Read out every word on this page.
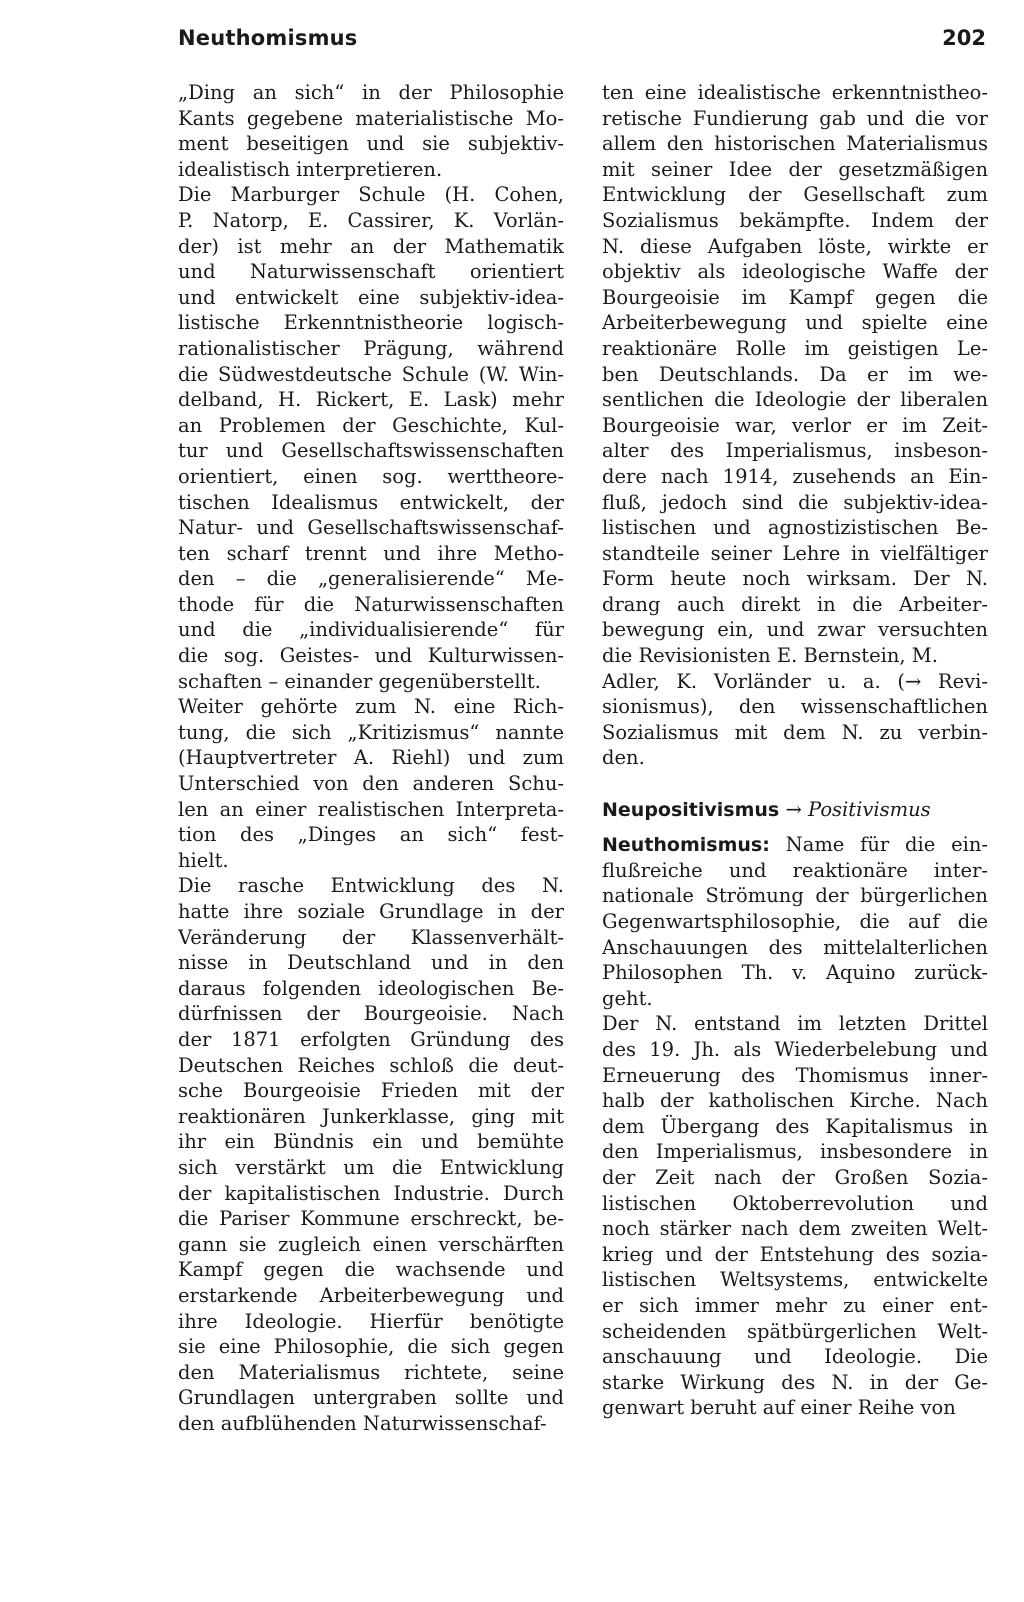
Neuthomismus	202
„Ding an sich“ in der Philosophie
Kants gegebene materialistische Mo-
ment beseitigen und sie subjektiv-
idealistisch interpretieren.
Die Marburger Schule (H. Cohen,
P. Natorp, E. Cassirer, K. Vorlän-
der) ist mehr an der Mathematik
und Naturwissenschaft orientiert
und entwickelt eine subjektiv-idea-
listische Erkenntnistheorie logisch-
rationalistischer Prägung, während
die Südwestdeutsche Schule (W. Win-
delband, H. Rickert, E. Lask) mehr
an Problemen der Geschichte, Kul-
tur und Gesellschaftswissenschaften
orientiert, einen sog. werttheore-
tischen Idealismus entwickelt, der
Natur- und Gesellschaftswissenschaf-
ten scharf trennt und ihre Metho-
den – die „generalisierende“ Me-
thode für die Naturwissenschaften
und die „individualisierende“ für
die sog. Geistes- und Kulturwissen-
schaften – einander gegenüberstellt.
Weiter gehörte zum N. eine Rich-
tung, die sich „Kritizismus“ nannte
(Hauptvertreter A. Riehl) und zum
Unterschied von den anderen Schu-
len an einer realistischen Interpreta-
tion des „Dinges an sich“ fest-
hielt.
Die rasche Entwicklung des N.
hatte ihre soziale Grundlage in der
Veränderung der Klassenverhält-
nisse in Deutschland und in den
daraus folgenden ideologischen Be-
dürfnissen der Bourgeoisie. Nach
der 1871 erfolgten Gründung des
Deutschen Reiches schloß die deut-
sche Bourgeoisie Frieden mit der
reaktionären Junkerklasse, ging mit
ihr ein Bündnis ein und bemühte
sich verstärkt um die Entwicklung
der kapitalistischen Industrie. Durch
die Pariser Kommune erschreckt, be-
gann sie zugleich einen verschärften
Kampf gegen die wachsende und
erstarkende Arbeiterbewegung und
ihre Ideologie. Hierfür benötigte
sie eine Philosophie, die sich gegen
den Materialismus richtete, seine
Grundlagen untergraben sollte und
den aufblühenden Naturwissenschaf-
ten eine idealistische erkenntnistheo-
retische Fundierung gab und die vor
allem den historischen Materialismus
mit seiner Idee der gesetzmäßigen
Entwicklung der Gesellschaft zum
Sozialismus bekämpfte. Indem der
N. diese Aufgaben löste, wirkte er
objektiv als ideologische Waffe der
Bourgeoisie im Kampf gegen die
Arbeiterbewegung und spielte eine
reaktionäre Rolle im geistigen Le-
ben Deutschlands. Da er im we-
sentlichen die Ideologie der liberalen
Bourgeoisie war, verlor er im Zeit-
alter des Imperialismus, insbeson-
dere nach 1914, zusehends an Ein-
fluß, jedoch sind die subjektiv-idea-
listischen und agnostizistischen Be-
standteile seiner Lehre in vielfältiger
Form heute noch wirksam. Der N.
drang auch direkt in die Arbeiter-
bewegung ein, und zwar versuchten
die Revisionisten E. Bernstein, M.
Adler, K. Vorländer u. a. (→ Revi-
sionismus), den wissenschaftlichen
Sozialismus mit dem N. zu verbin-
den.
Neupositivismus → Positivismus
Neuthomismus: Name für die ein-
flußreiche und reaktionäre inter-
nationale Strömung der bürgerlichen
Gegenwartsphilosophie, die auf die
Anschauungen des mittelalterlichen
Philosophen Th. v. Aquino zurück-
geht.
Der N. entstand im letzten Drittel
des 19. Jh. als Wiederbelebung und
Erneuerung des Thomismus inner-
halb der katholischen Kirche. Nach
dem Übergang des Kapitalismus in
den Imperialismus, insbesondere in
der Zeit nach der Großen Sozia-
listischen Oktoberrevolution und
noch stärker nach dem zweiten Welt-
krieg und der Entstehung des sozia-
listischen Weltsystems, entwickelte
er sich immer mehr zu einer ent-
scheidenden spätbürgerlichen Welt-
anschauung und Ideologie. Die
starke Wirkung des N. in der Ge-
genwart beruht auf einer Reihe von
